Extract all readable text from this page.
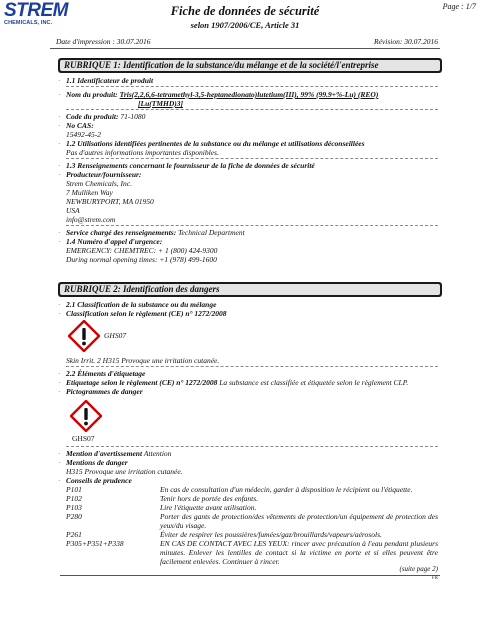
STREM
CHEMICALS, INC.
Page : 1/7
Fiche de données de sécurité
selon 1907/2006/CE, Article 31
Date d'impression : 30.07.2016	Révision: 30.07.2016
RUBRIQUE 1: Identification de la substance/du mélange et de la société/l'entreprise
· 1.1 Identificateur de produit
· Nom du produit: Tris(2,2,6,6-tetramethyl-3,5-heptanedionato)lutetium(III), 99% (99.9+%-Lu) (REO)
[Lu(TMHD)3]
· Code du produit: 71-1080
· No CAS:
15492-45-2
· 1.2 Utilisations identifiées pertinentes de la substance ou du mélange et utilisations déconseillées
Pas d'autres informations importantes disponibles.
· 1.3 Renseignements concernant le fournisseur de la fiche de données de sécurité
· Producteur/fournisseur:
Strem Chemicals, Inc.
7 Mulliken Way
NEWBURYPORT, MA 01950
USA
info@strem.com
· Service chargé des renseignements: Technical Department
· 1.4 Numéro d'appel d'urgence:
EMERGENCY: CHEMTREC: + 1 (800) 424-9300
During normal opening times: +1 (978) 499-1600
RUBRIQUE 2: Identification des dangers
· 2.1 Classification de la substance ou du mélange
· Classification selon le règlement (CE) n° 1272/2008
GHS07
Skin Irrit. 2 H315 Provoque une irritation cutanée.
· 2.2 Éléments d'étiquetage
· Etiquetage selon le règlement (CE) n° 1272/2008 La substance est classifiée et étiquetée selon le règlement CLP.
· Pictogrammes de danger
GHS07
· Mention d'avertissement Attention
· Mentions de danger
H315 Provoque une irritation cutanée.
· Conseils de prudence
P101	En cas de consultation d'un médecin, garder à disposition le récipient ou l'étiquette.
P102	Tenir hors de portée des enfants.
P103	Lire l'étiquette avant utilisation.
P280	Porter des gants de protection/des vêtements de protection/un équipement de protection des yeux/du visage.
P261	Éviter de respirer les poussières/fumées/gaz/brouillards/vapeurs/aérosols.
P305+P351+P338	EN CAS DE CONTACT AVEC LES YEUX: rincer avec précaution à l'eau pendant plusieurs minutes. Enlever les lentilles de contact si la victime en porte et si elles peuvent être facilement enlevées. Continuer à rincer.
(suite page 2)
FR
